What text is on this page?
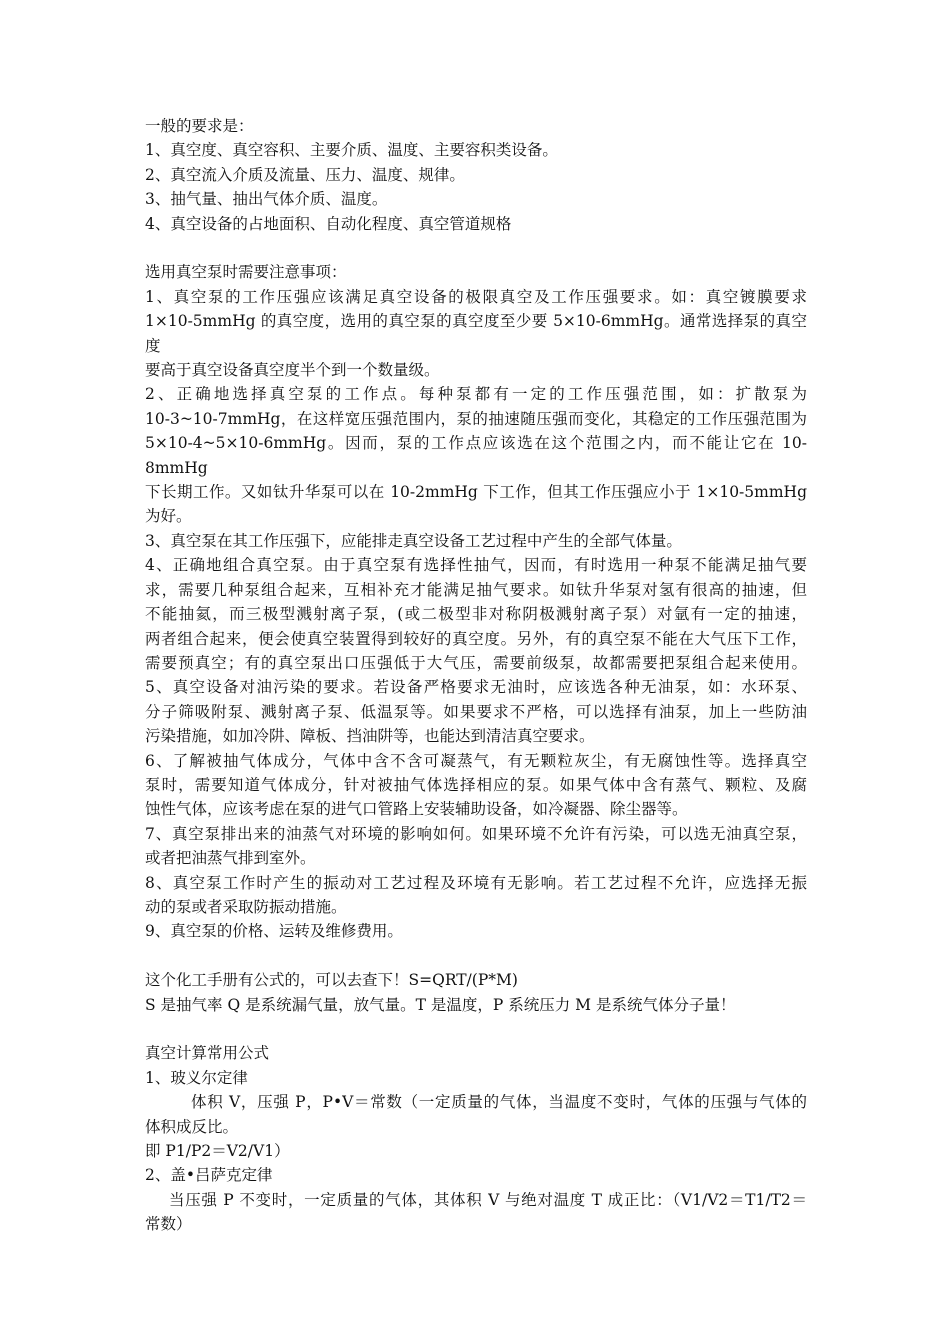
一般的要求是：
1、真空度、真空容积、主要介质、温度、主要容积类设备。
2、真空流入介质及流量、压力、温度、规律。
3、抽气量、抽出气体介质、温度。
4、真空设备的占地面积、自动化程度、真空管道规格
选用真空泵时需要注意事项：
1、真空泵的工作压强应该满足真空设备的极限真空及工作压强要求。如：真空镀膜要求
1×10-5mmHg 的真空度，选用的真空泵的真空度至少要 5×10-6mmHg。通常选择泵的真空度
要高于真空设备真空度半个到一个数量级。
2、正确地选择真空泵的工作点。每种泵都有一定的工作压强范围，如：扩散泵为
10-3~10-7mmHg，在这样宽压强范围内，泵的抽速随压强而变化，其稳定的工作压强范围为
5×10-4~5×10-6mmHg。因而，泵的工作点应该选在这个范围之内，而不能让它在 10-8mmHg
下长期工作。又如钛升华泵可以在 10-2mmHg 下工作，但其工作压强应小于 1×10-5mmHg
为好。
3、真空泵在其工作压强下，应能排走真空设备工艺过程中产生的全部气体量。
4、正确地组合真空泵。由于真空泵有选择性抽气，因而，有时选用一种泵不能满足抽气要
求，需要几种泵组合起来，互相补充才能满足抽气要求。如钛升华泵对氢有很高的抽速，但
不能抽氦，而三极型溅射离子泵，(或二极型非对称阴极溅射离子泵）对氩有一定的抽速，
两者组合起来，便会使真空装置得到较好的真空度。另外，有的真空泵不能在大气压下工作，
需要预真空；有的真空泵出口压强低于大气压，需要前级泵，故都需要把泵组合起来使用。
5、真空设备对油污染的要求。若设备严格要求无油时，应该选各种无油泵，如：水环泵、
分子筛吸附泵、溅射离子泵、低温泵等。如果要求不严格，可以选择有油泵，加上一些防油
污染措施，如加冷阱、障板、挡油阱等，也能达到清洁真空要求。
6、了解被抽气体成分，气体中含不含可凝蒸气，有无颗粒灰尘，有无腐蚀性等。选择真空
泵时，需要知道气体成分，针对被抽气体选择相应的泵。如果气体中含有蒸气、颗粒、及腐
蚀性气体，应该考虑在泵的进气口管路上安装辅助设备，如冷凝器、除尘器等。
7、真空泵排出来的油蒸气对环境的影响如何。如果环境不允许有污染，可以选无油真空泵，
或者把油蒸气排到室外。
8、真空泵工作时产生的振动对工艺过程及环境有无影响。若工艺过程不允许，应选择无振
动的泵或者采取防振动措施。
9、真空泵的价格、运转及维修费用。
这个化工手册有公式的，可以去查下！S=QRT/(P*M)
S 是抽气率 Q 是系统漏气量，放气量。T 是温度，P 系统压力 M 是系统气体分子量！
真空计算常用公式
1、玻义尔定律
体积 V，压强 P，P•V＝常数（一定质量的气体，当温度不变时，气体的压强与气体的
体积成反比。
即 P1/P2＝V2/V1）
2、盖•吕萨克定律
当压强 P 不变时，一定质量的气体，其体积 V 与绝对温度 T 成正比：（V1/V2＝T1/T2＝
常数）
